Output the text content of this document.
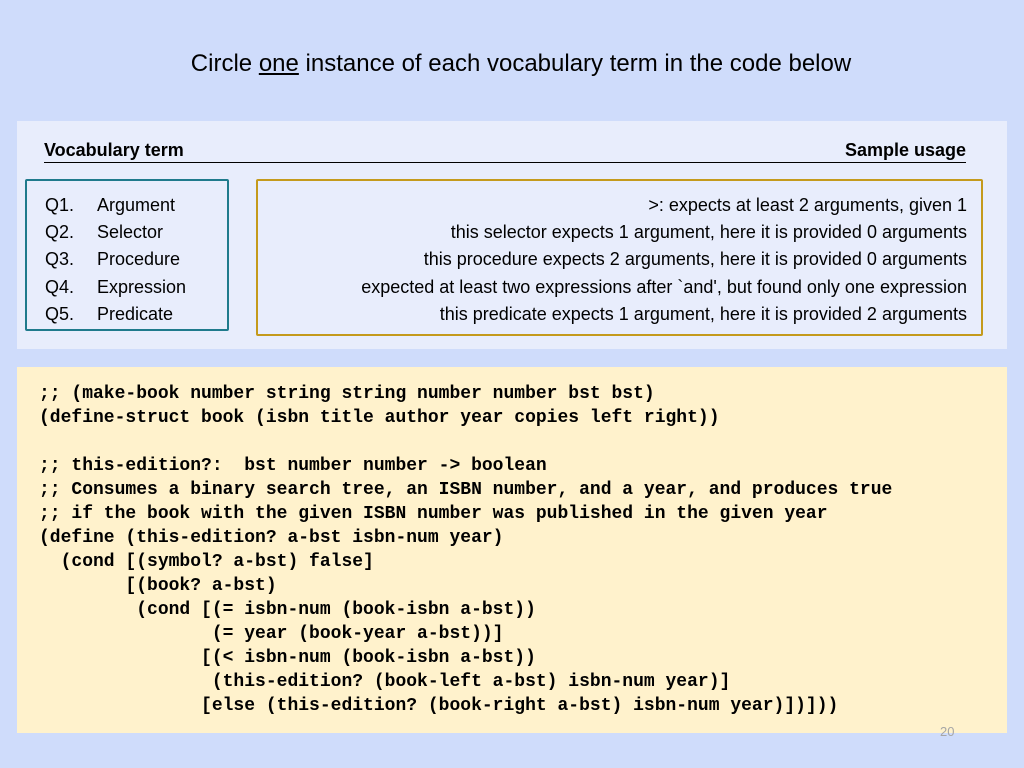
Circle one instance of each vocabulary term in the code below
Vocabulary term	Sample usage
Q1. Argument
Q2. Selector
Q3. Procedure
Q4. Expression
Q5. Predicate
>: expects at least 2 arguments, given 1
this selector expects 1 argument, here it is provided 0 arguments
this procedure expects 2 arguments, here it is provided 0 arguments
expected at least two expressions after `and', but found only one expression
this predicate expects 1 argument, here it is provided 2 arguments
;; (make-book number string string number number bst bst)
(define-struct book (isbn title author year copies left right))
;; this-edition?:  bst number number -> boolean
;; Consumes a binary search tree, an ISBN number, and a year, and produces true
;; if the book with the given ISBN number was published in the given year
(define (this-edition? a-bst isbn-num year)
(cond [(symbol? a-bst) false]
[(book? a-bst)
(cond [(= isbn-num (book-isbn a-bst))
(= year (book-year a-bst))]
[(< isbn-num (book-isbn a-bst))
(this-edition? (book-left a-bst) isbn-num year)]
[else (this-edition? (book-right a-bst) isbn-num year)])]))
20
